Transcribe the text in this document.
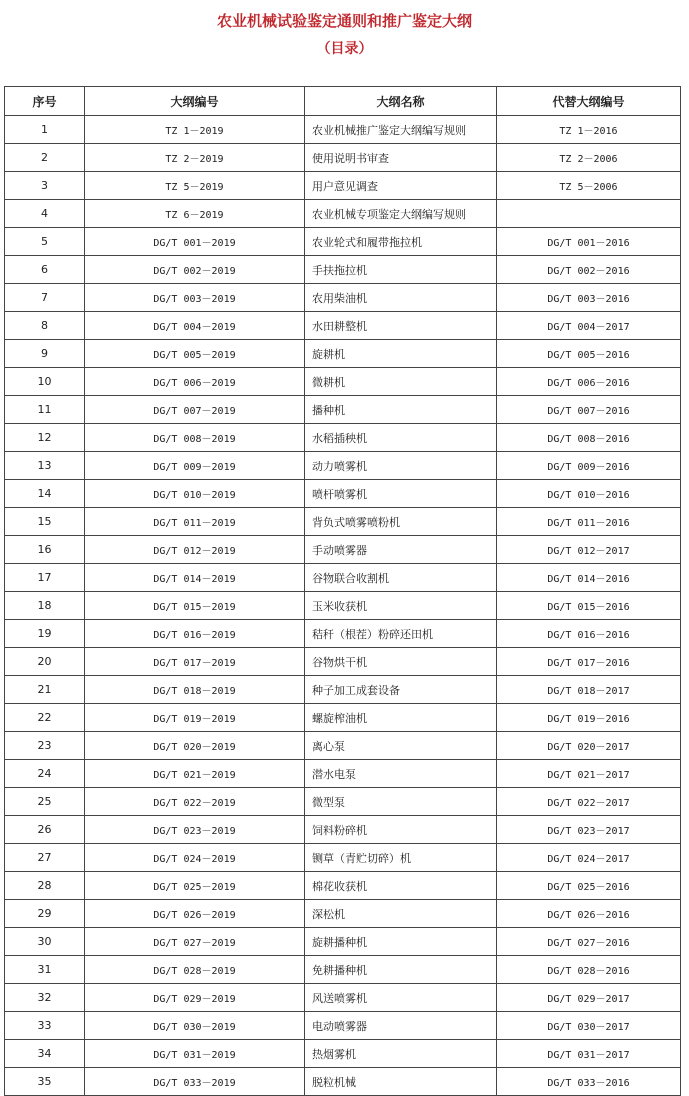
农业机械试验鉴定通则和推广鉴定大纲
（目录）
序号	大纲编号	大纲名称	代替大纲编号
1	TZ 1－2019	农业机械推广鉴定大纲编写规则	TZ 1－2016
2	TZ 2－2019	使用说明书审查	TZ 2－2006
3	TZ 5－2019	用户意见调查	TZ 5－2006
4	TZ 6－2019	农业机械专项鉴定大纲编写规则	
5	DG/T 001－2019	农业轮式和履带拖拉机	DG/T 001－2016
6	DG/T 002－2019	手扶拖拉机	DG/T 002－2016
7	DG/T 003－2019	农用柴油机	DG/T 003－2016
8	DG/T 004－2019	水田耕整机	DG/T 004－2017
9	DG/T 005－2019	旋耕机	DG/T 005－2016
10	DG/T 006－2019	微耕机	DG/T 006－2016
11	DG/T 007－2019	播种机	DG/T 007－2016
12	DG/T 008－2019	水稻插秧机	DG/T 008－2016
13	DG/T 009－2019	动力喷雾机	DG/T 009－2016
14	DG/T 010－2019	喷杆喷雾机	DG/T 010－2016
15	DG/T 011－2019	背负式喷雾喷粉机	DG/T 011－2016
16	DG/T 012－2019	手动喷雾器	DG/T 012－2017
17	DG/T 014－2019	谷物联合收割机	DG/T 014－2016
18	DG/T 015－2019	玉米收获机	DG/T 015－2016
19	DG/T 016－2019	秸秆（根茬）粉碎还田机	DG/T 016－2016
20	DG/T 017－2019	谷物烘干机	DG/T 017－2016
21	DG/T 018－2019	种子加工成套设备	DG/T 018－2017
22	DG/T 019－2019	螺旋榨油机	DG/T 019－2016
23	DG/T 020－2019	离心泵	DG/T 020－2017
24	DG/T 021－2019	潜水电泵	DG/T 021－2017
25	DG/T 022－2019	微型泵	DG/T 022－2017
26	DG/T 023－2019	饲料粉碎机	DG/T 023－2017
27	DG/T 024－2019	铡草（青贮切碎）机	DG/T 024－2017
28	DG/T 025－2019	棉花收获机	DG/T 025－2016
29	DG/T 026－2019	深松机	DG/T 026－2016
30	DG/T 027－2019	旋耕播种机	DG/T 027－2016
31	DG/T 028－2019	免耕播种机	DG/T 028－2016
32	DG/T 029－2019	风送喷雾机	DG/T 029－2017
33	DG/T 030－2019	电动喷雾器	DG/T 030－2017
34	DG/T 031－2019	热烟雾机	DG/T 031－2017
35	DG/T 033－2019	脱粒机械	DG/T 033－2016
